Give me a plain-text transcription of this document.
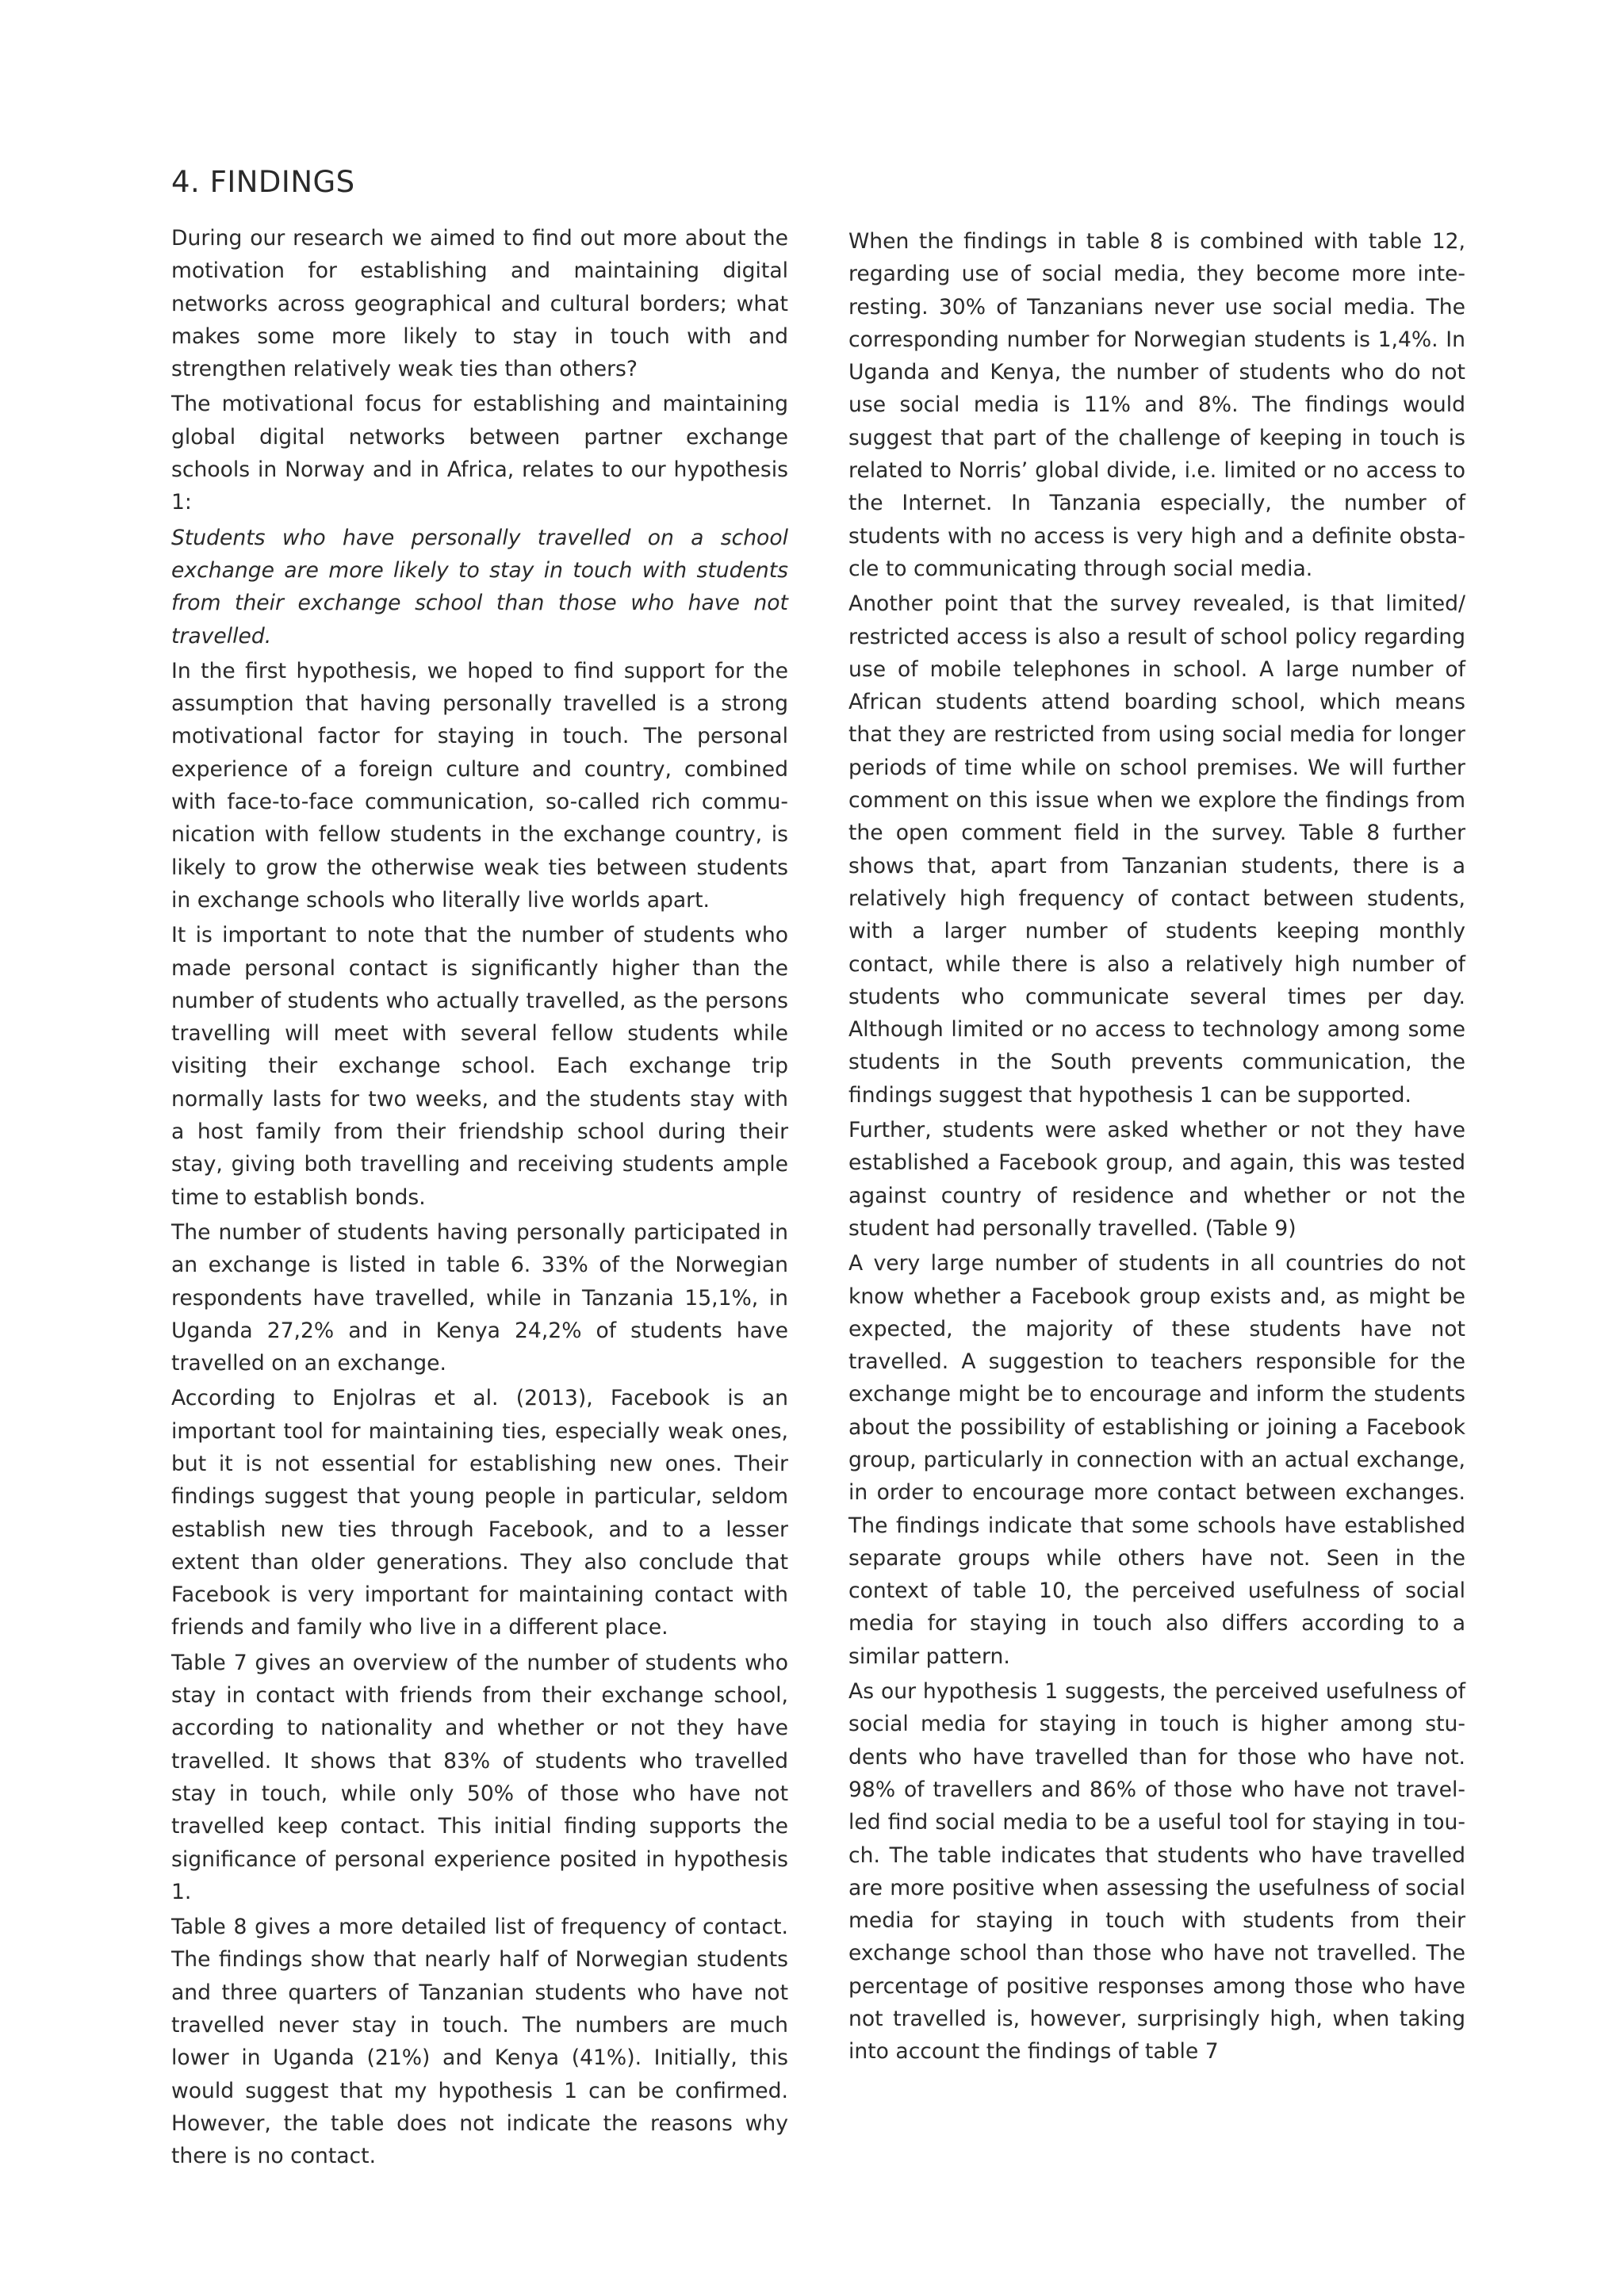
4. FINDINGS

During our research we aimed to find out more about the motivation for establishing and maintaining digital networks across geographical and cultural borders; what makes some more likely to stay in touch with and strengthen relatively weak ties than others?

The motivational focus for establishing and maintaining global digital networks between partner exchange schools in Norway and in Africa, relates to our hypothesis 1:

Students who have personally travelled on a school exchange are more likely to stay in touch with students from their exchange school than those who have not travelled.

In the first hypothesis, we hoped to find support for the assumption that having personally travelled is a strong motivational factor for staying in touch. The personal experience of a foreign culture and country, combined with face-to-face communication, so-called rich communication with fellow students in the exchange country, is likely to grow the otherwise weak ties between students in exchange schools who literally live worlds apart.

It is important to note that the number of students who made personal contact is significantly higher than the number of students who actually travelled, as the persons travelling will meet with several fellow students while visiting their exchange school. Each exchange trip normally lasts for two weeks, and the students stay with a host family from their friendship school during their stay, giving both travelling and receiving students ample time to establish bonds.

The number of students having personally participated in an exchange is listed in table 6. 33% of the Norwegian respondents have travelled, while in Tanzania 15,1%, in Uganda 27,2% and in Kenya 24,2% of students have travelled on an exchange.

According to Enjolras et al. (2013), Facebook is an important tool for maintaining ties, especially weak ones, but it is not essential for establishing new ones. Their findings suggest that young people in particular, seldom establish new ties through Facebook, and to a lesser extent than older generations. They also conclude that Facebook is very important for maintaining contact with friends and family who live in a different place.

Table 7 gives an overview of the number of students who stay in contact with friends from their exchange school, according to nationality and whether or not they have travelled. It shows that 83% of students who travelled stay in touch, while only 50% of those who have not travelled keep contact. This initial finding supports the significance of personal experience posited in hypothesis 1.

Table 8 gives a more detailed list of frequency of contact. The findings show that nearly half of Norwegian students and three quarters of Tanzanian students who have not travelled never stay in touch. The numbers are much lower in Uganda (21%) and Kenya (41%). Initially, this would suggest that my hypothesis 1 can be confirmed. However, the table does not indicate the reasons why there is no contact.

When the findings in table 8 is combined with table 12, regarding use of social media, they become more interesting. 30% of Tanzanians never use social media. The corresponding number for Norwegian students is 1,4%. In Uganda and Kenya, the number of students who do not use social media is 11% and 8%. The findings would suggest that part of the challenge of keeping in touch is related to Norris’ global divide, i.e. limited or no access to the Internet. In Tanzania especially, the number of students with no access is very high and a definite obstacle to communicating through social media.

Another point that the survey revealed, is that limited/​restricted access is also a result of school policy regarding use of mobile telephones in school. A large number of African students attend boarding school, which means that they are restricted from using social media for longer periods of time while on school premises. We will further comment on this issue when we explore the findings from the open comment field in the survey. Table 8 further shows that, apart from Tanzanian students, there is a relatively high frequency of contact between students, with a larger number of students keeping monthly contact, while there is also a relatively high number of students who communicate several times per day. Although limited or no access to technology among some students in the South prevents communication, the findings suggest that hypothesis 1 can be supported.

Further, students were asked whether or not they have established a Facebook group, and again, this was tested against country of residence and whether or not the student had personally travelled. (Table 9)

A very large number of students in all countries do not know whether a Facebook group exists and, as might be expected, the majority of these students have not travelled. A suggestion to teachers responsible for the exchange might be to encourage and inform the students about the possibility of establishing or joining a Facebook group, particularly in connection with an actual exchange, in order to encourage more contact between exchanges. The findings indicate that some schools have established separate groups while others have not. Seen in the context of table 10, the perceived usefulness of social media for staying in touch also differs according to a similar pattern.

As our hypothesis 1 suggests, the perceived usefulness of social media for staying in touch is higher among students who have travelled than for those who have not. 98% of travellers and 86% of those who have not travelled find social media to be a useful tool for staying in touch. The table indicates that students who have travelled are more positive when assessing the usefulness of social media for staying in touch with students from their exchange school than those who have not travelled. The percentage of positive responses among those who have not travelled is, however, surprisingly high, when taking into account the findings of table 7
